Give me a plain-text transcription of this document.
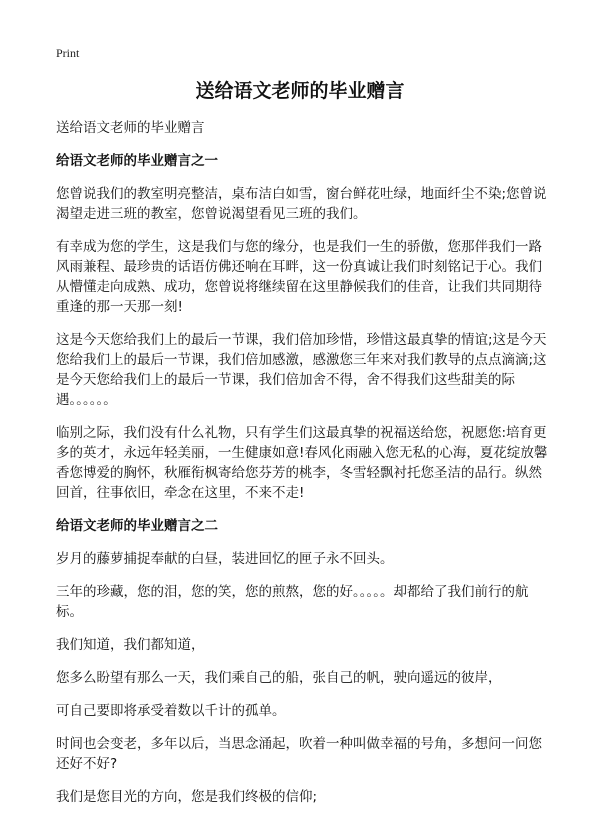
Print
送给语文老师的毕业赠言

送给语文老师的毕业赠言

给语文老师的毕业赠言之一

您曾说我们的教室明亮整洁，桌布洁白如雪，窗台鲜花吐绿，地面纤尘不染;您曾说渴望走进三班的教室，您曾说渴望看见三班的我们。

有幸成为您的学生，这是我们与您的缘分，也是我们一生的骄傲，您那伴我们一路风雨兼程、最珍贵的话语仿佛还响在耳畔，这一份真诚让我们时刻铭记于心。我们从懵懂走向成熟、成功，您曾说将继续留在这里静候我们的佳音，让我们共同期待重逢的那一天那一刻!

这是今天您给我们上的最后一节课，我们倍加珍惜，珍惜这最真挚的情谊;这是今天您给我们上的最后一节课，我们倍加感激，感激您三年来对我们教导的点点滴滴;这是今天您给我们上的最后一节课，我们倍加舍不得，舍不得我们这些甜美的际遇。。。。。。

临别之际，我们没有什么礼物，只有学生们这最真挚的祝福送给您，祝愿您:培育更多的英才，永远年轻美丽，一生健康如意!春风化雨融入您无私的心海，夏花绽放馨香您博爱的胸怀，秋雁衔枫寄给您芬芳的桃李，冬雪轻飘衬托您圣洁的品行。纵然回首，往事依旧，牵念在这里，不来不走!

给语文老师的毕业赠言之二

岁月的藤萝捕捉奉献的白昼，装进回忆的匣子永不回头。

三年的珍藏，您的泪，您的笑，您的煎熬，您的好。。。。。却都给了我们前行的航标。

我们知道，我们都知道，

您多么盼望有那么一天，我们乘自己的船，张自己的帆，驶向遥远的彼岸，

可自己要即将承受着数以千计的孤单。

时间也会变老，多年以后，当思念涌起，吹着一种叫做幸福的号角，多想问一问您还好不好?

我们是您目光的方向，您是我们终极的信仰;
